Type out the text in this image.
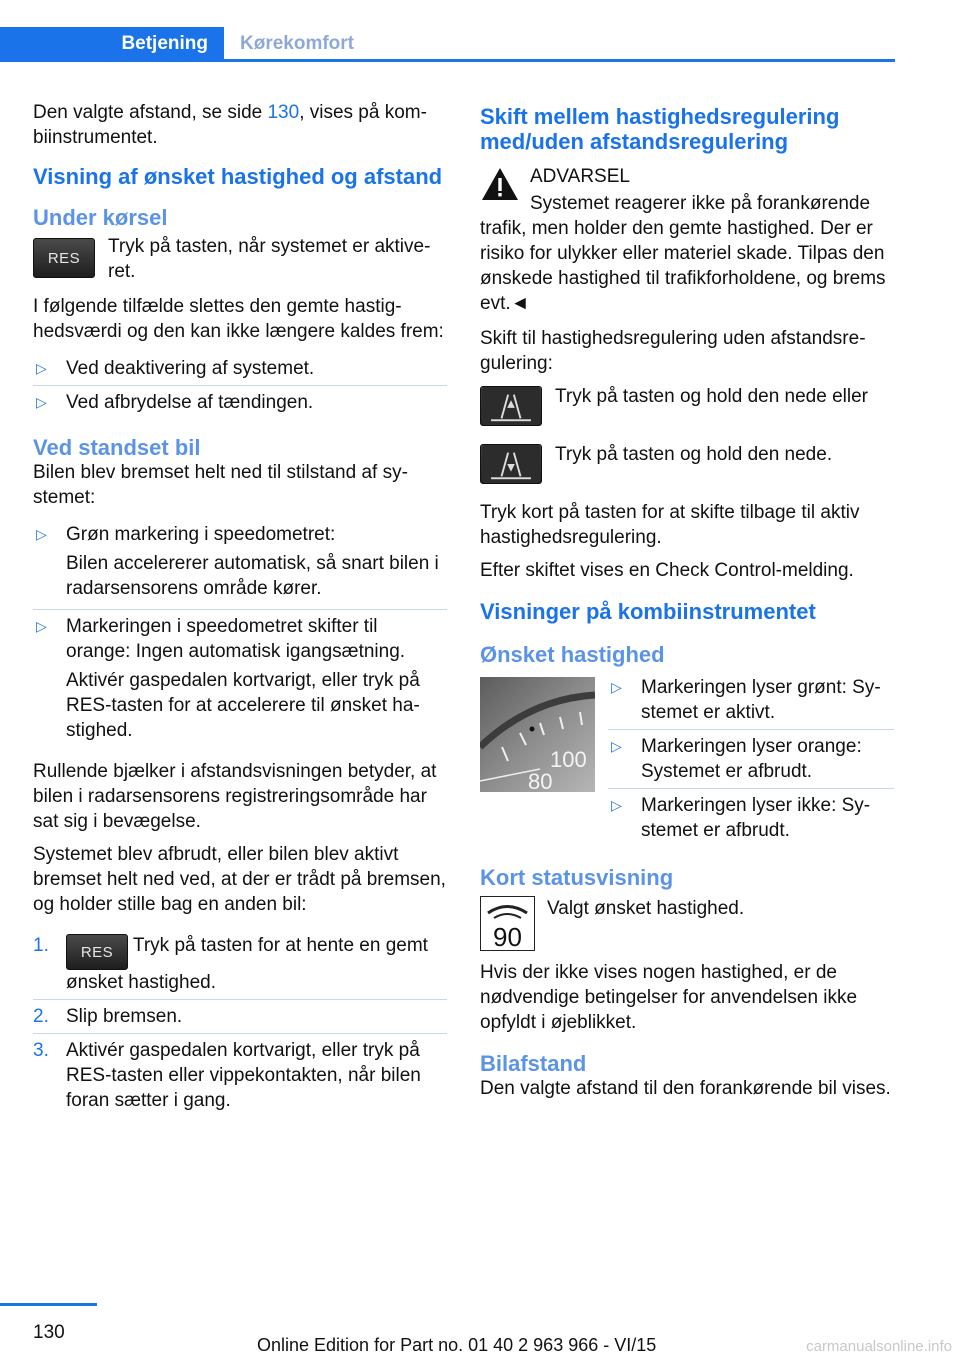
Betjening	Kørekomfort

Den valgte afstand, se side 130, vises på kombiinstrumentet.

Visning af ønsket hastighed og afstand
Under kørsel
RES
Tryk på tasten, når systemet er aktiveret.

I følgende tilfælde slettes den gemte hastighedsværdi og den kan ikke længere kaldes frem:

▷ Ved deaktivering af systemet.
▷ Ved afbrydelse af tændingen.
Ved standset bil

Bilen blev bremset helt ned til stilstand af systemet:

▷ Grøn markering i speedometret:

Bilen accelererer automatisk, så snart bilen i radarsensorens område kører.

▷ Markeringen i speedometret skifter til orange: Ingen automatisk igangsætning.

Aktivér gaspedalen kortvarigt, eller tryk på RES-tasten for at accelerere til ønsket hastighed.

Rullende bjælker i afstandsvisningen betyder, at bilen i radarsensorens registreringsområde har sat sig i bevægelse.

Systemet blev afbrudt, eller bilen blev aktivt bremset helt ned ved, at der er trådt på bremsen, og holder stille bag en anden bil:

1. RES Tryk på tasten for at hente en gemt ønsket hastighed.
2. Slip bremsen.
3. Aktivér gaspedalen kortvarigt, eller tryk på RES-tasten eller vippekontakten, når bilen foran sætter i gang.
Skift mellem hastighedsregulering med/uden afstandsregulering

ADVARSEL

Systemet reagerer ikke på forankørende trafik, men holder den gemte hastighed. Der er risiko for ulykker eller materiel skade. Tilpas den ønskede hastighed til trafikforholdene, og brems evt.◄

Skift til hastighedsregulering uden afstandsregulering:

Tryk på tasten og hold den nede eller
Tryk på tasten og hold den nede.

Tryk kort på tasten for at skifte tilbage til aktiv hastighedsregulering.

Efter skiftet vises en Check Control-melding.

Visninger på kombiinstrumentet
Ønsket hastighed
100
80
▷ Markeringen lyser grønt: Systemet er aktivt.
▷ Markeringen lyser orange: Systemet er afbrudt.
▷ Markeringen lyser ikke: Systemet er afbrudt.
Kort statusvisning
90
Valgt ønsket hastighed.

Hvis der ikke vises nogen hastighed, er de nødvendige betingelser for anvendelsen ikke opfyldt i øjeblikket.

Bilafstand

Den valgte afstand til den forankørende bil vises.

130
Online Edition for Part no. 01 40 2 963 966 - VI/15	carmanualsonline.info
